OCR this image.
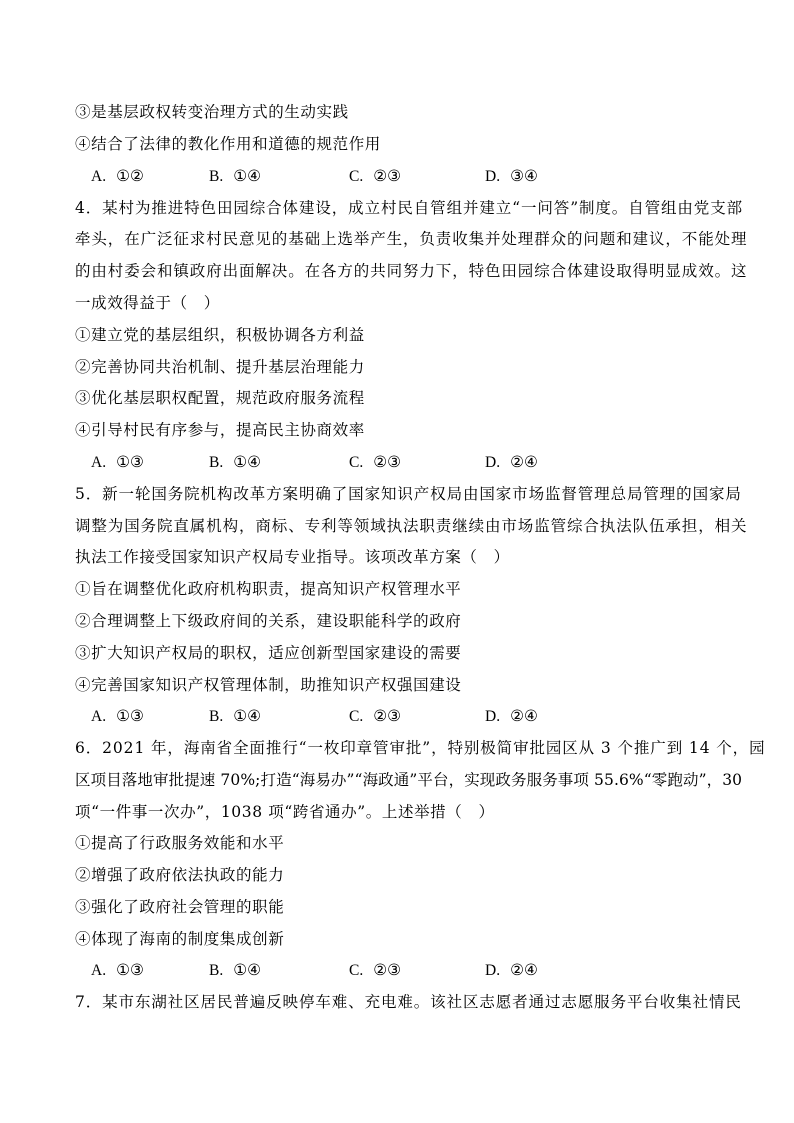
③是基层政权转变治理方式的生动实践
④结合了法律的教化作用和道德的规范作用
A. ①②	B. ①④	C. ②③	D. ③④
4．某村为推进特色田园综合体建设，成立村民自管组并建立“一问答”制度。自管组由党支部
牵头，在广泛征求村民意见的基础上选举产生，负责收集并处理群众的问题和建议，不能处理
的由村委会和镇政府出面解决。在各方的共同努力下，特色田园综合体建设取得明显成效。这
一成效得益于（　）
①建立党的基层组织，积极协调各方利益
②完善协同共治机制、提升基层治理能力
③优化基层职权配置，规范政府服务流程
④引导村民有序参与，提高民主协商效率
A. ①③	B. ①④	C. ②③	D. ②④
5．新一轮国务院机构改革方案明确了国家知识产权局由国家市场监督管理总局管理的国家局
调整为国务院直属机构，商标、专利等领域执法职责继续由市场监管综合执法队伍承担，相关
执法工作接受国家知识产权局专业指导。该项改革方案（　）
①旨在调整优化政府机构职责，提高知识产权管理水平
②合理调整上下级政府间的关系，建设职能科学的政府
③扩大知识产权局的职权，适应创新型国家建设的需要
④完善国家知识产权管理体制，助推知识产权强国建设
A. ①③	B. ①④	C. ②③	D. ②④
6．2021 年，海南省全面推行“一枚印章管审批”，特别极简审批园区从 3 个推广到 14 个，园
区项目落地审批提速 70%;打造“海易办”“海政通”平台，实现政务服务事项 55.6%“零跑动”，30
项“一件事一次办”，1038 项“跨省通办”。上述举措（　）
①提高了行政服务效能和水平
②增强了政府依法执政的能力
③强化了政府社会管理的职能
④体现了海南的制度集成创新
A. ①③	B. ①④	C. ②③	D. ②④
7．某市东湖社区居民普遍反映停车难、充电难。该社区志愿者通过志愿服务平台收集社情民
